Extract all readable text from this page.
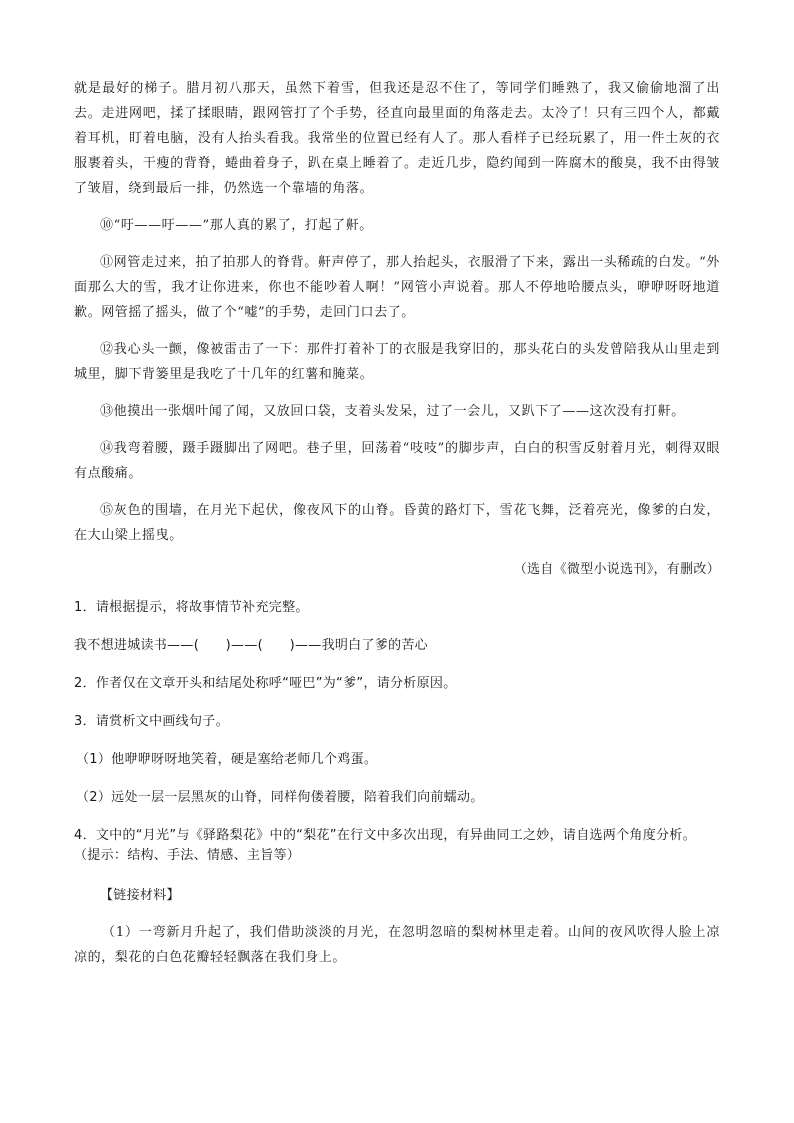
就是最好的梯子。腊月初八那天，虽然下着雪，但我还是忍不住了，等同学们睡熟了，我又偷偷地溜了出去。走进网吧，揉了揉眼睛，跟网管打了个手势，径直向最里面的角落走去。太冷了！只有三四个人，都戴着耳机，盯着电脑，没有人抬头看我。我常坐的位置已经有人了。那人看样子已经玩累了，用一件土灰的衣服裹着头，干瘦的背脊，蜷曲着身子，趴在桌上睡着了。走近几步，隐约闻到一阵腐木的酸臭，我不由得皱了皱眉，绕到最后一排，仍然选一个靠墙的角落。

⑩“吁——吁——”那人真的累了，打起了鼾。

⑪网管走过来，拍了拍那人的脊背。鼾声停了，那人抬起头，衣服滑了下来，露出一头稀疏的白发。“外面那么大的雪，我才让你进来，你也不能吵着人啊！”网管小声说着。那人不停地哈腰点头，咿咿呀呀地道歉。网管摇了摇头，做了个“嘘”的手势，走回门口去了。

⑫我心头一颤，像被雷击了一下：那件打着补丁的衣服是我穿旧的，那头花白的头发曾陪我从山里走到城里，脚下背篓里是我吃了十几年的红薯和腌菜。

⑬他摸出一张烟叶闻了闻，又放回口袋，支着头发呆，过了一会儿，又趴下了——这次没有打鼾。

⑭我弯着腰，蹑手蹑脚出了网吧。巷子里，回荡着“吱吱”的脚步声，白白的积雪反射着月光，刺得双眼有点酸痛。

⑮灰色的围墙，在月光下起伏，像夜风下的山脊。昏黄的路灯下，雪花飞舞，泛着亮光，像爹的白发，在大山梁上摇曳。

（选自《微型小说选刊》，有删改）

1．请根据提示，将故事情节补充完整。

我不想进城读书——(　　)——(　　)——我明白了爹的苦心

2．作者仅在文章开头和结尾处称呼“哑巴”为“爹”，请分析原因。

3．请赏析文中画线句子。

（1）他咿咿呀呀地笑着，硬是塞给老师几个鸡蛋。

（2）远处一层一层黑灰的山脊，同样佝偻着腰，陪着我们向前蠕动。

4．文中的“月光”与《驿路梨花》中的“梨花”在行文中多次出现，有异曲同工之妙，请自选两个角度分析。

（提示：结构、手法、情感、主旨等）

【链接材料】

（1）一弯新月升起了，我们借助淡淡的月光，在忽明忽暗的梨树林里走着。山间的夜风吹得人脸上凉凉的，梨花的白色花瓣轻轻飘落在我们身上。
